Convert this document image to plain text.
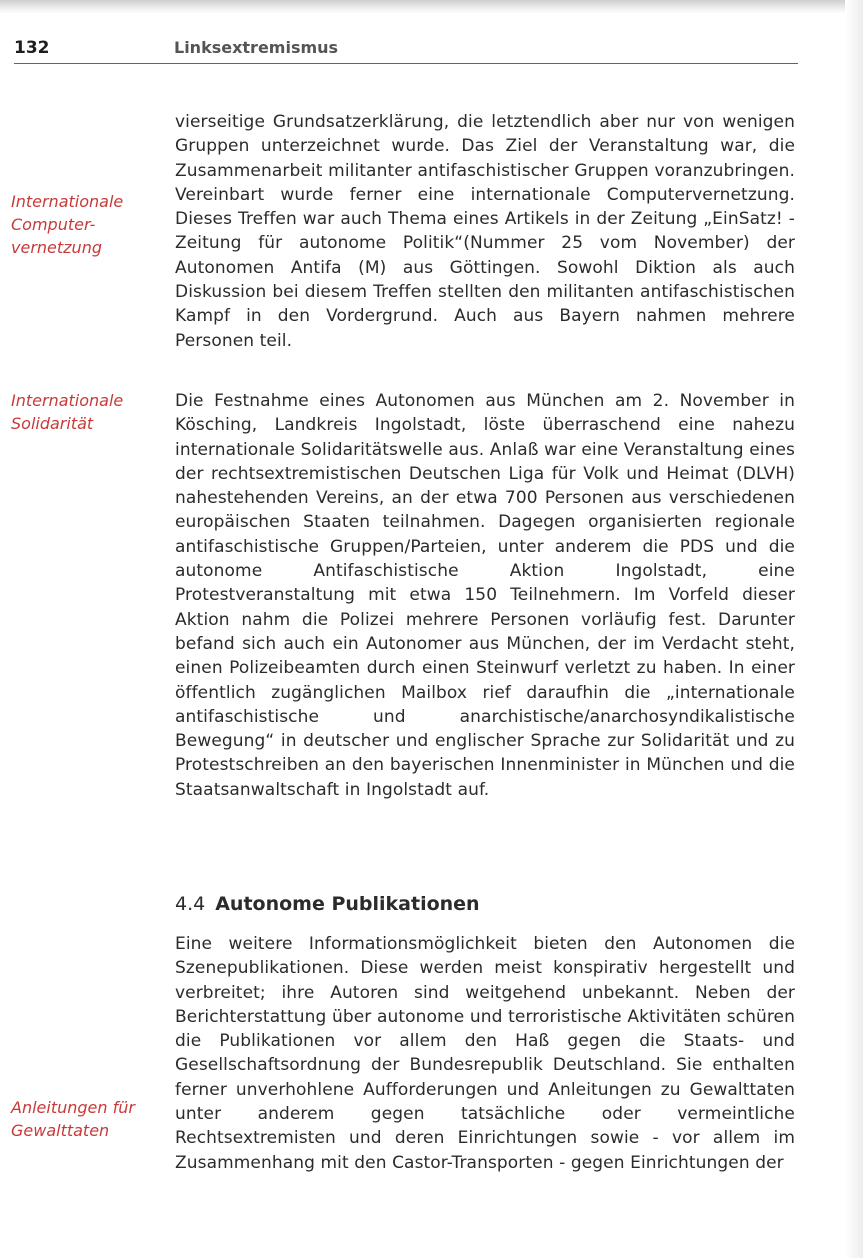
132	Linksextremismus
Internationale Computer-vernetzung
Internationale Solidarität
Anleitungen für Gewalttaten

vierseitige Grundsatzerklärung, die letztendlich aber nur von wenigen Gruppen unterzeichnet wurde. Das Ziel der Veranstaltung war, die Zusammenarbeit militanter antifaschistischer Gruppen voranzubringen. Vereinbart wurde ferner eine internationale Computervernetzung. Dieses Treffen war auch Thema eines Artikels in der Zeitung „EinSatz! - Zeitung für autonome Politik“(Nummer 25 vom November) der Autonomen Antifa (M) aus Göttingen. Sowohl Diktion als auch Diskussion bei diesem Treffen stellten den militanten antifaschistischen Kampf in den Vordergrund. Auch aus Bayern nahmen mehrere Personen teil.

Die Festnahme eines Autonomen aus München am 2. November in Kösching, Landkreis Ingolstadt, löste überraschend eine nahezu internationale Solidaritätswelle aus. Anlaß war eine Veranstaltung eines der rechtsextremistischen Deutschen Liga für Volk und Heimat (DLVH) nahestehenden Vereins, an der etwa 700 Personen aus verschiedenen europäischen Staaten teilnahmen. Dagegen organisierten regionale antifaschistische Gruppen/Parteien, unter anderem die PDS und die autonome Antifaschistische Aktion Ingolstadt, eine Protestveranstaltung mit etwa 150 Teilnehmern. Im Vorfeld dieser Aktion nahm die Polizei mehrere Personen vorläufig fest. Darunter befand sich auch ein Autonomer aus München, der im Verdacht steht, einen Polizeibeamten durch einen Steinwurf verletzt zu haben. In einer öffentlich zugänglichen Mailbox rief daraufhin die „internationale antifaschistische und anarchistische/anarchosyndikalistische Bewegung“ in deutscher und englischer Sprache zur Solidarität und zu Protestschreiben an den bayerischen Innenminister in München und die Staatsanwaltschaft in Ingolstadt auf.

4.4 Autonome Publikationen

Eine weitere Informationsmöglichkeit bieten den Autonomen die Szenepublikationen. Diese werden meist konspirativ hergestellt und verbreitet; ihre Autoren sind weitgehend unbekannt. Neben der Berichterstattung über autonome und terroristische Aktivitäten schüren die Publikationen vor allem den Haß gegen die Staats- und Gesellschaftsordnung der Bundesrepublik Deutschland. Sie enthalten ferner unverhohlene Aufforderungen und Anleitungen zu Gewalttaten unter anderem gegen tatsächliche oder vermeintliche Rechtsextremisten und deren Einrichtungen sowie - vor allem im Zusammenhang mit den Castor-Transporten - gegen Einrichtungen der
